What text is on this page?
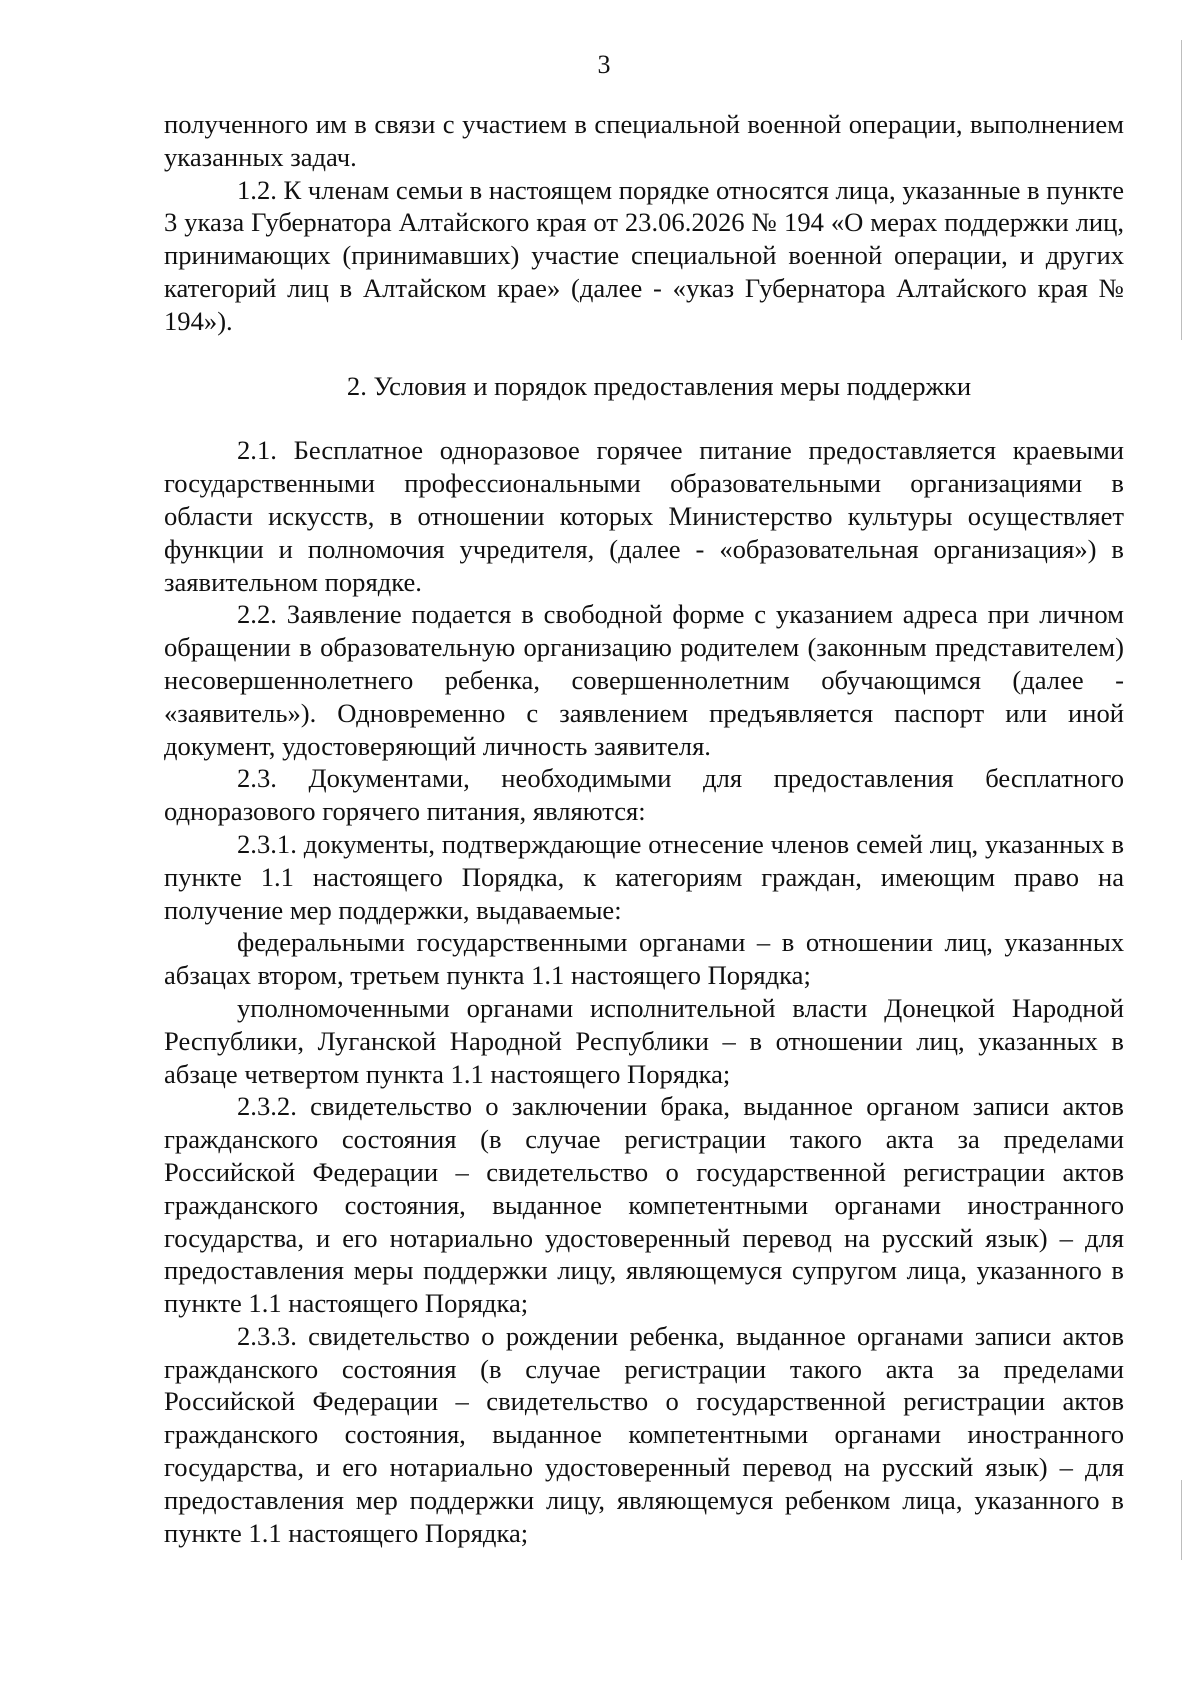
3

полученного им в связи с участием в специальной военной операции, выполнением указанных задач.

1.2. К членам семьи в настоящем порядке относятся лица, указанные в пункте 3 указа Губернатора Алтайского края от 23.06.2026 № 194 «О мерах поддержки лиц, принимающих (принимавших) участие специальной военной операции, и других категорий лиц в Алтайском крае» (далее - «указ Губернатора Алтайского края № 194»).

2. Условия и порядок предоставления меры поддержки

2.1. Бесплатное одноразовое горячее питание предоставляется краевыми государственными профессиональными образовательными организациями в области искусств, в отношении которых Министерство культуры осуществляет функции и полномочия учредителя, (далее - «образовательная организация») в заявительном порядке.

2.2. Заявление подается в свободной форме с указанием адреса при личном обращении в образовательную организацию родителем (законным представителем) несовершеннолетнего ребенка, совершеннолетним обучающимся (далее - «заявитель»). Одновременно с заявлением предъявляется паспорт или иной документ, удостоверяющий личность заявителя.

2.3. Документами, необходимыми для предоставления бесплатного одноразового горячего питания, являются:

2.3.1. документы, подтверждающие отнесение членов семей лиц, указанных в пункте 1.1 настоящего Порядка, к категориям граждан, имеющим право на получение мер поддержки, выдаваемые:

федеральными государственными органами – в отношении лиц, указанных абзацах втором, третьем пункта 1.1 настоящего Порядка;

уполномоченными органами исполнительной власти Донецкой Народной Республики, Луганской Народной Республики – в отношении лиц, указанных в абзаце четвертом пункта 1.1 настоящего Порядка;

2.3.2. свидетельство о заключении брака, выданное органом записи актов гражданского состояния (в случае регистрации такого акта за пределами Российской Федерации – свидетельство о государственной регистрации актов гражданского состояния, выданное компетентными органами иностранного государства, и его нотариально удостоверенный перевод на русский язык) – для предоставления меры поддержки лицу, являющемуся супругом лица, указанного в пункте 1.1 настоящего Порядка;

2.3.3. свидетельство о рождении ребенка, выданное органами записи актов гражданского состояния (в случае регистрации такого акта за пределами Российской Федерации – свидетельство о государственной регистрации актов гражданского состояния, выданное компетентными органами иностранного государства, и его нотариально удостоверенный перевод на русский язык) – для предоставления мер поддержки лицу, являющемуся ребенком лица, указанного в пункте 1.1 настоящего Порядка;
